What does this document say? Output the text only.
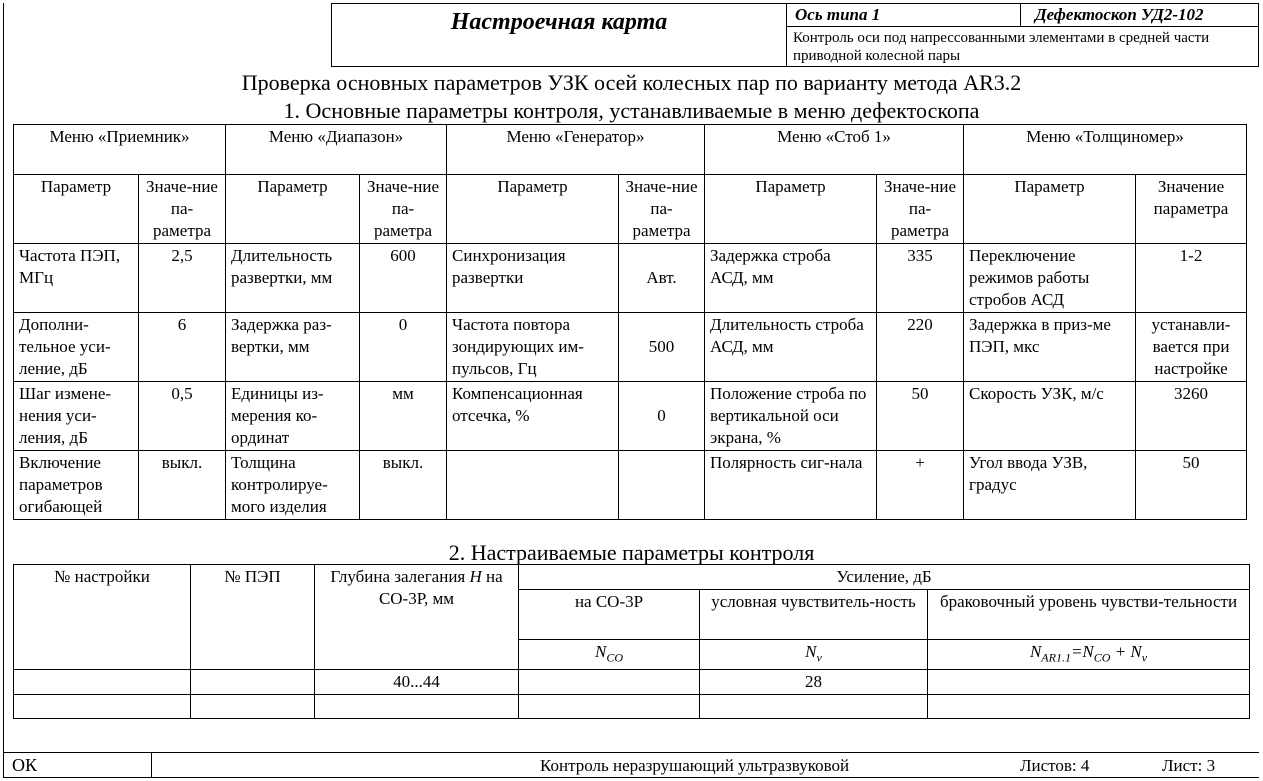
Настроечная карта	Ось типа 1	Дефектоскоп УД2-102
Контроль оси под напрессованными элементами в средней части приводной колесной пары
Проверка основных параметров УЗК осей колесных пар по варианту метода AR3.2
1. Основные параметры контроля, устанавливаемые в меню дефектоскопа
Меню «Приемник»		Меню «Диапазон»		Меню «Генератор»		Меню «Стоб 1»		Меню «Толщиномер»	
Параметр	Значе-ние па-раметра	Параметр	Значе-ние па-раметра	Параметр	Значе-ние па-раметра	Параметр	Значе-ние па-раметра	Параметр	Значение параметра
Частота ПЭП, МГц	2,5	Длительность развертки, мм	600	Синхронизация развертки	Авт.	Задержка строба АСД, мм	335	Переключение режимов работы стробов АСД	1-2
Дополни-тельное уси-ление, дБ	6	Задержка раз-вертки, мм	0	Частота повтора зондирующих им-пульсов, Гц	500	Длительность строба АСД, мм	220	Задержка в приз-ме ПЭП, мкс	устанавли-вается при настройке
Шаг измене-нения уси-ления, дБ	0,5	Единицы из-мерения ко-ординат	мм	Компенсационная отсечка, %	0	Положение строба по вертикальной оси экрана, %	50	Скорость УЗК, м/с	3260
Включение параметров огибающей	выкл.	Толщина контролируе-мого изделия	выкл.			Полярность сиг-нала	+	Угол ввода УЗВ, градус	50
2. Настраиваемые параметры контроля
№ настройки	№ ПЭП	Глубина залегания H на СО-3Р, мм	Усиление, дБ		
			на СО-3Р	условная чувствитель-ность	браковочный уровень чувстви-тельности
			$N_{CO}$	$N_v$	$N_{AR1.1}=N_{CO} + N_v$
		40...44		28	

ОК	Контроль неразрушающий ультразвуковой	Листов: 4	Лист: 3
